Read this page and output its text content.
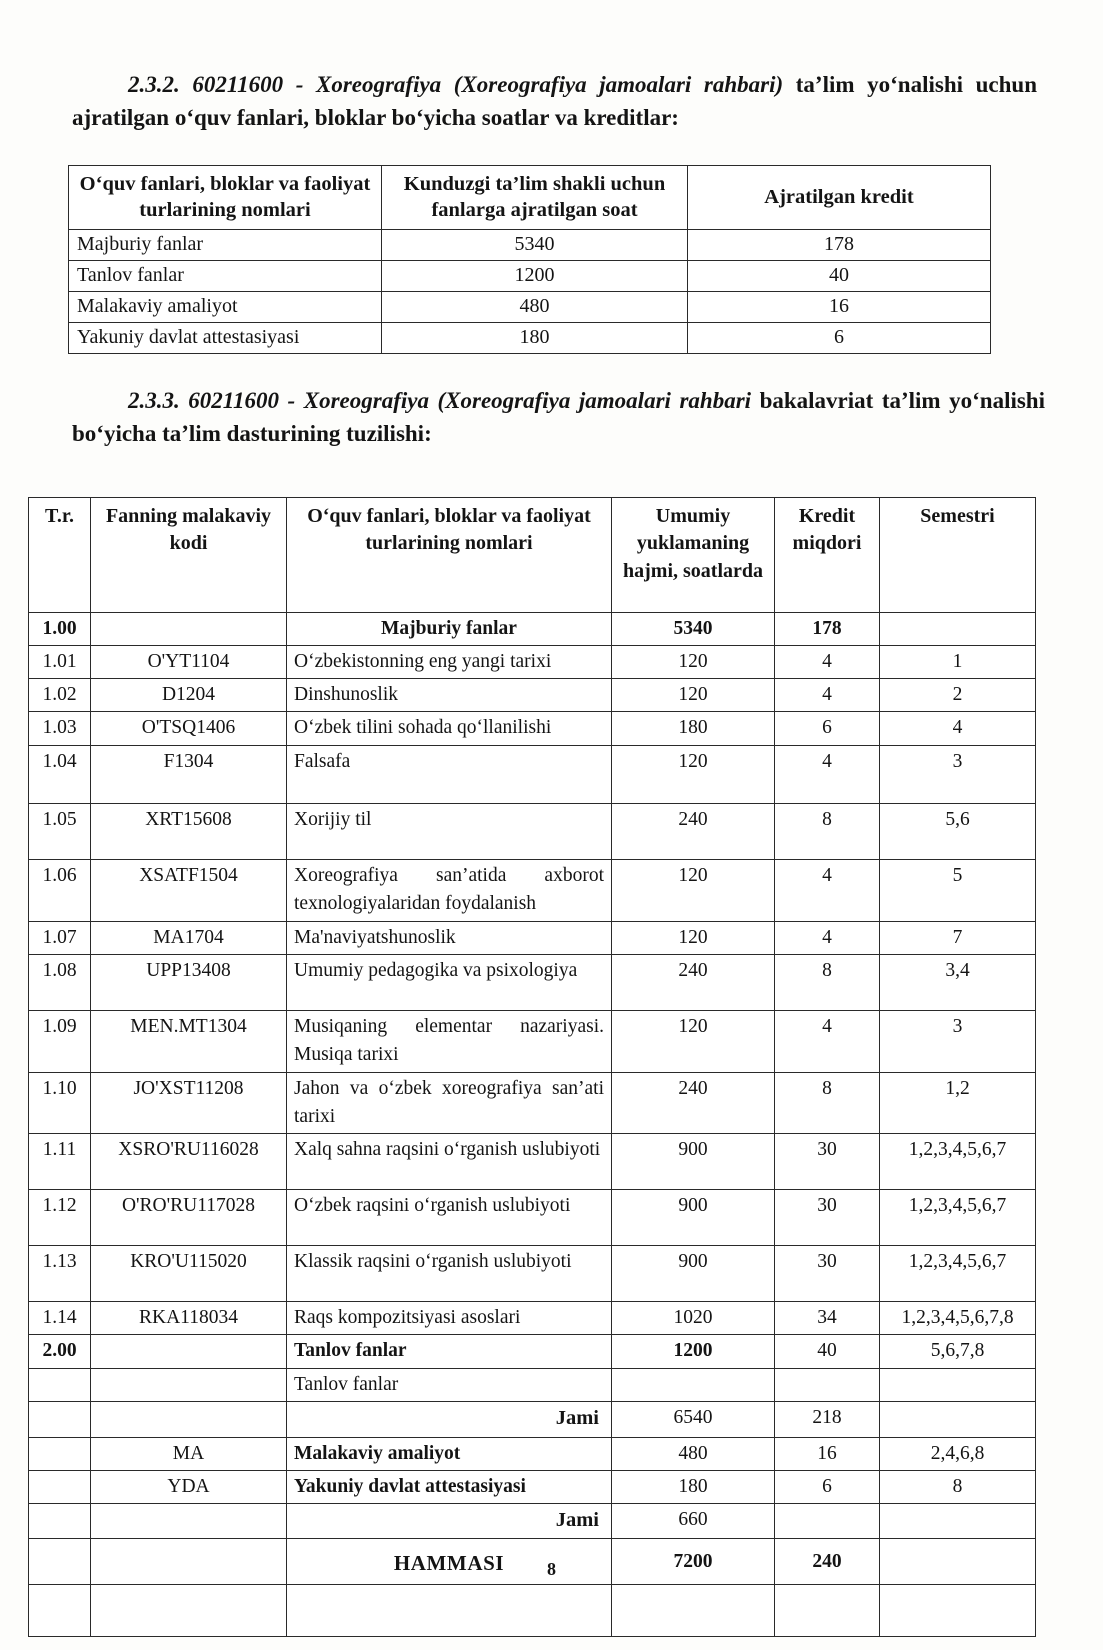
2.3.2. 60211600 - Xoreografiya (Xoreografiya jamoalari rahbari) ta’lim yo‘nalishi uchun ajratilgan o‘quv fanlari, bloklar bo‘yicha soatlar va kreditlar:

O‘quv fanlari, bloklar va faoliyat turlarining nomlari	Kunduzgi ta’lim shakli uchun fanlarga ajratilgan soat	Ajratilgan kredit
Majburiy fanlar	5340	178
Tanlov fanlar	1200	40
Malakaviy amaliyot	480	16
Yakuniy davlat attestasiyasi	180	6

2.3.3. 60211600 - Xoreografiya (Xoreografiya jamoalari rahbari bakalavriat ta’lim yo‘nalishi bo‘yicha ta’lim dasturining tuzilishi:

T.r.	Fanning malakaviy kodi	O‘quv fanlari, bloklar va faoliyat turlarining nomlari	Umumiy yuklamaning hajmi, soatlarda	Kredit miqdori	Semestri
1.00		Majburiy fanlar	5340	178	
1.01	O'YT1104	O‘zbekistonning eng yangi tarixi	120	4	1
1.02	D1204	Dinshunoslik	120	4	2
1.03	O'TSQ1406	O‘zbek tilini sohada qo‘llanilishi	180	6	4
1.04	F1304	Falsafa	120	4	3
1.05	XRT15608	Xorijiy til	240	8	5,6
1.06	XSATF1504	Xoreografiya san’atida axborot texnologiyalaridan foydalanish	120	4	5
1.07	MA1704	Ma'naviyatshunoslik	120	4	7
1.08	UPP13408	Umumiy pedagogika va psixologiya	240	8	3,4
1.09	MEN.MT1304	Musiqaning elementar nazariyasi. Musiqa tarixi	120	4	3
1.10	JO'XST11208	Jahon va o‘zbek xoreografiya san’ati tarixi	240	8	1,2
1.11	XSRO'RU116028	Xalq sahna raqsini o‘rganish uslubiyoti	900	30	1,2,3,4,5,6,7
1.12	O'RO'RU117028	O‘zbek raqsini o‘rganish uslubiyoti	900	30	1,2,3,4,5,6,7
1.13	KRO'U115020	Klassik raqsini o‘rganish uslubiyoti	900	30	1,2,3,4,5,6,7
1.14	RKA118034	Raqs kompozitsiyasi asoslari	1020	34	1,2,3,4,5,6,7,8
2.00		Tanlov fanlar	1200	40	5,6,7,8
		Tanlov fanlar			
		Jami	6540	218	
	MA	Malakaviy amaliyot	480	16	2,4,6,8
	YDA	Yakuniy davlat attestasiyasi	180	6	8
		Jami	660		
		HAMMASI	7200	240	

8
